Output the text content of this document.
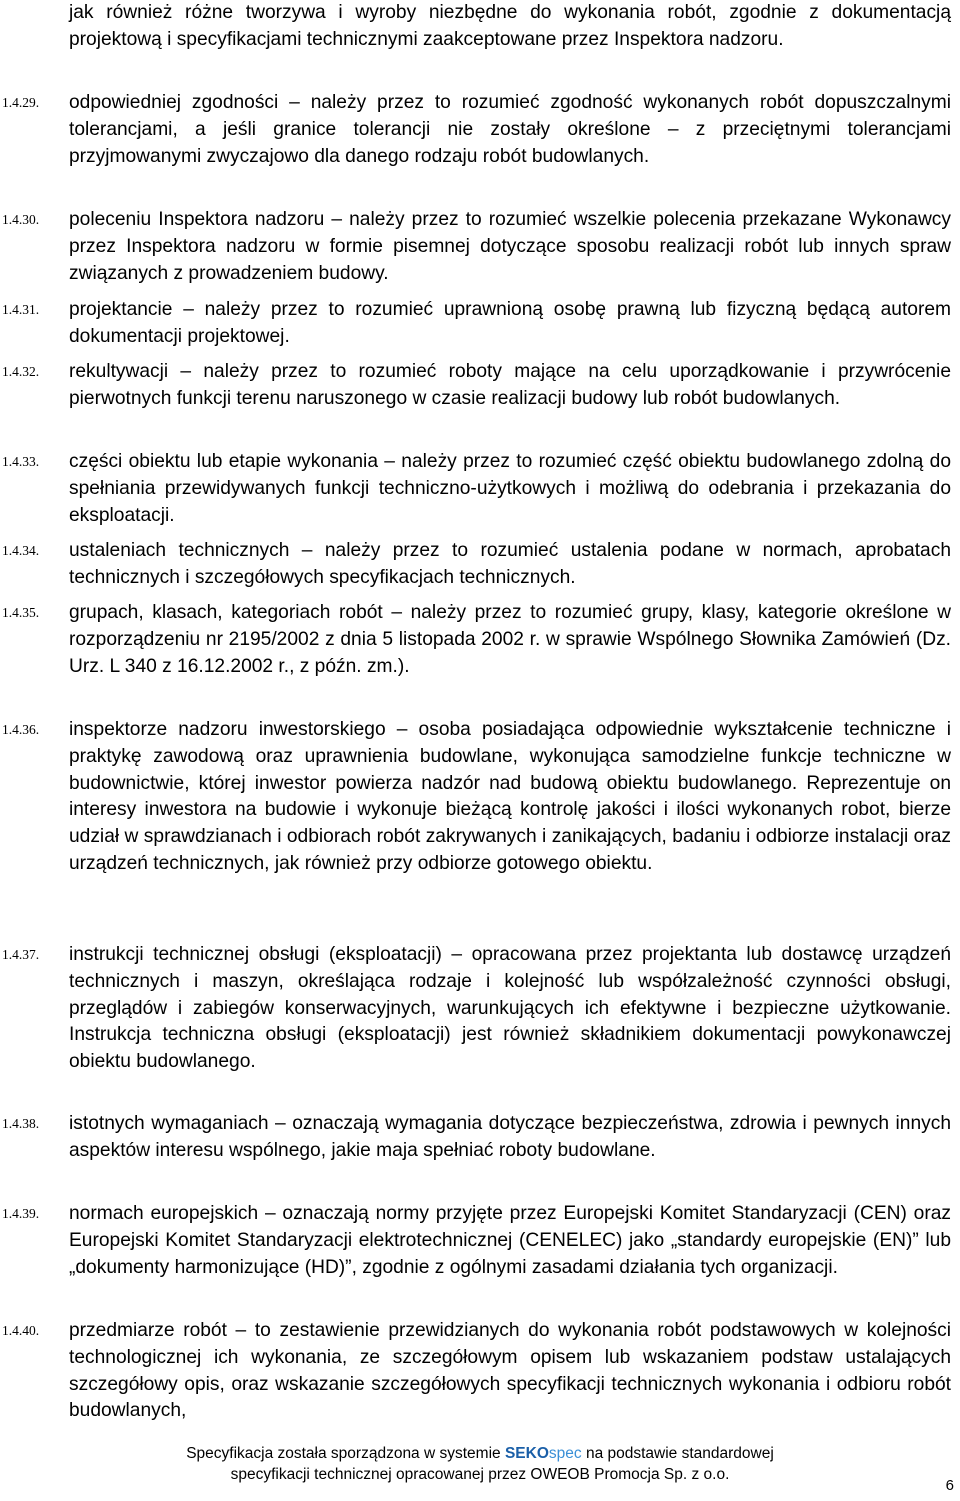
jak również różne tworzywa i wyroby niezbędne do wykonania robót, zgodnie z dokumentacją projektową i specyfikacjami technicznymi zaakceptowane przez Inspektora nadzoru.
1.4.29.	odpowiedniej zgodności – należy przez to rozumieć zgodność wykonanych robót dopuszczalnymi tolerancjami, a jeśli granice tolerancji nie zostały określone – z przeciętnymi tolerancjami przyjmowanymi zwyczajowo dla danego rodzaju robót budowlanych.
1.4.30.	poleceniu Inspektora nadzoru – należy przez to rozumieć wszelkie polecenia przekazane Wykonawcy przez Inspektora nadzoru w formie pisemnej dotyczące sposobu realizacji robót lub innych spraw związanych z prowadzeniem budowy.
1.4.31.	projektancie – należy przez to rozumieć uprawnioną osobę prawną lub fizyczną będącą autorem dokumentacji projektowej.
1.4.32.	rekultywacji – należy przez to rozumieć roboty mające na celu uporządkowanie i przywrócenie pierwotnych funkcji terenu naruszonego w czasie realizacji budowy lub robót budowlanych.
1.4.33.	części obiektu lub etapie wykonania – należy przez to rozumieć część obiektu budowlanego zdolną do spełniania przewidywanych funkcji techniczno-użytkowych i możliwą do odebrania i przekazania do eksploatacji.
1.4.34.	ustaleniach technicznych – należy przez to rozumieć ustalenia podane w normach, aprobatach technicznych i szczegółowych specyfikacjach technicznych.
1.4.35.	grupach, klasach, kategoriach robót – należy przez to rozumieć grupy, klasy, kategorie określone w rozporządzeniu nr 2195/2002 z dnia 5 listopada 2002 r. w sprawie Wspólnego Słownika Zamówień (Dz. Urz. L 340 z 16.12.2002 r., z późn. zm.).
1.4.36.	inspektorze nadzoru inwestorskiego – osoba posiadająca odpowiednie wykształcenie techniczne i praktykę zawodową oraz uprawnienia budowlane, wykonująca samodzielne funkcje techniczne w budownictwie, której inwestor powierza nadzór nad budową obiektu budowlanego. Reprezentuje on interesy inwestora na budowie i wykonuje bieżącą kontrolę jakości i ilości wykonanych robot, bierze udział w sprawdzianach i odbiorach robót zakrywanych i zanikających, badaniu i odbiorze instalacji oraz urządzeń technicznych, jak również przy odbiorze gotowego obiektu.
1.4.37.	instrukcji technicznej obsługi (eksploatacji) – opracowana przez projektanta lub dostawcę urządzeń technicznych i maszyn, określająca rodzaje i kolejność lub współzależność czynności obsługi, przeglądów i zabiegów konserwacyjnych, warunkujących ich efektywne i bezpieczne użytkowanie. Instrukcja techniczna obsługi (eksploatacji) jest również składnikiem dokumentacji powykonawczej obiektu budowlanego.
1.4.38.	istotnych wymaganiach – oznaczają wymagania dotyczące bezpieczeństwa, zdrowia i pewnych innych aspektów interesu wspólnego, jakie maja spełniać roboty budowlane.
1.4.39.	normach europejskich – oznaczają normy przyjęte przez Europejski Komitet Standaryzacji (CEN) oraz Europejski Komitet Standaryzacji elektrotechnicznej (CENELEC) jako „standardy europejskie (EN)” lub „dokumenty harmonizujące (HD)”, zgodnie z ogólnymi zasadami działania tych organizacji.
1.4.40.	przedmiarze robót – to zestawienie przewidzianych do wykonania robót podstawowych w kolejności technologicznej ich wykonania, ze szczegółowym opisem lub wskazaniem podstaw ustalających szczegółowy opis, oraz wskazanie szczegółowych specyfikacji technicznych wykonania i odbioru robót budowlanych,
Specyfikacja została sporządzona w systemie SEKOspec na podstawie standardowej
specyfikacji technicznej opracowanej przez OWEOB Promocja Sp. z o.o.
6
